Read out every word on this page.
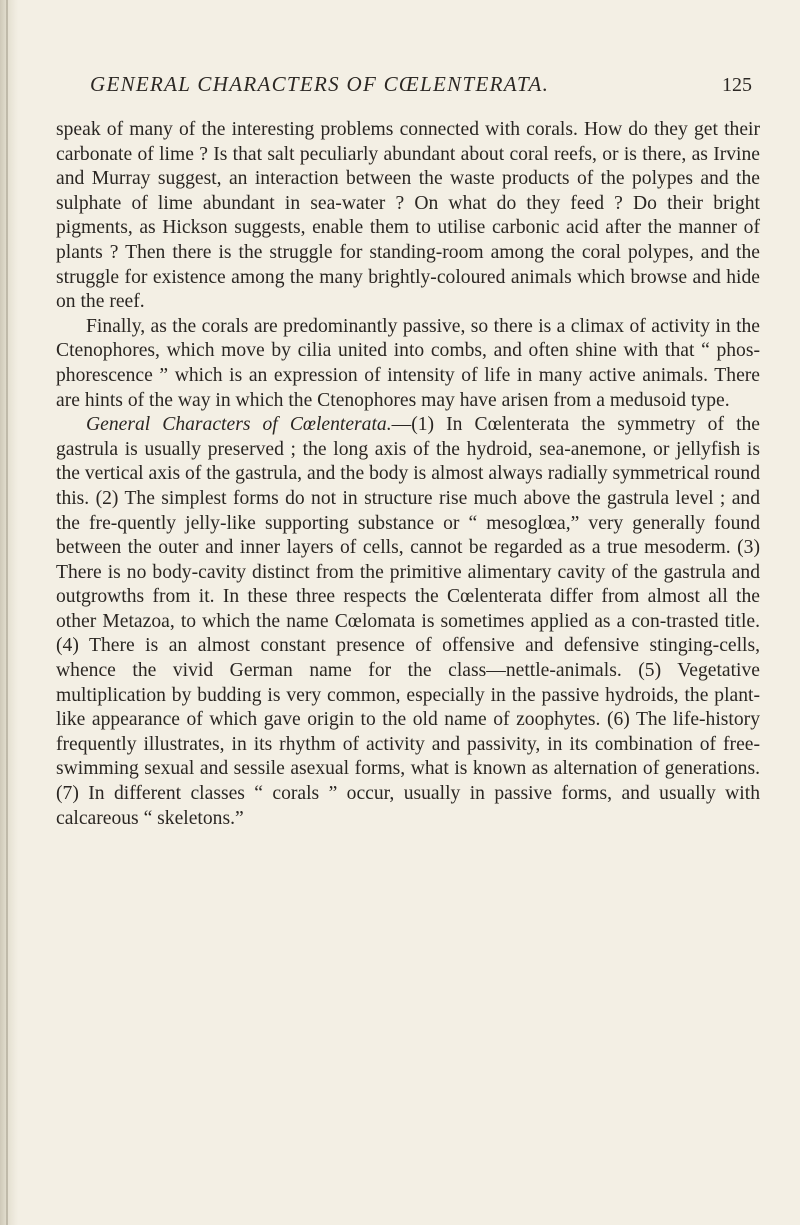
GENERAL CHARACTERS OF CŒLENTERATA.	125

speak of many of the interesting problems connected with corals. How do they get their carbonate of lime ? Is that salt peculiarly abundant about coral reefs, or is there, as Irvine and Murray suggest, an interaction between the waste products of the polypes and the sulphate of lime abundant in sea-water ? On what do they feed ? Do their bright pigments, as Hickson suggests, enable them to utilise carbonic acid after the manner of plants ? Then there is the struggle for standing-room among the coral polypes, and the struggle for existence among the many brightly-coloured animals which browse and hide on the reef.

Finally, as the corals are predominantly passive, so there is a climax of activity in the Ctenophores, which move by cilia united into combs, and often shine with that “ phos-phorescence ” which is an expression of intensity of life in many active animals. There are hints of the way in which the Ctenophores may have arisen from a medusoid type.

General Characters of Cœlenterata.—(1) In Cœlenterata the symmetry of the gastrula is usually preserved ; the long axis of the hydroid, sea-anemone, or jellyfish is the vertical axis of the gastrula, and the body is almost always radially symmetrical round this. (2) The simplest forms do not in structure rise much above the gastrula level ; and the fre-quently jelly-like supporting substance or “ mesoglœa,” very generally found between the outer and inner layers of cells, cannot be regarded as a true mesoderm. (3) There is no body-cavity distinct from the primitive alimentary cavity of the gastrula and outgrowths from it. In these three respects the Cœlenterata differ from almost all the other Metazoa, to which the name Cœlomata is sometimes applied as a con-trasted title. (4) There is an almost constant presence of offensive and defensive stinging-cells, whence the vivid German name for the class—nettle-animals. (5) Vegetative multiplication by budding is very common, especially in the passive hydroids, the plant-like appearance of which gave origin to the old name of zoophytes. (6) The life-history frequently illustrates, in its rhythm of activity and passivity, in its combination of free-swimming sexual and sessile asexual forms, what is known as alternation of generations. (7) In different classes “ corals ” occur, usually in passive forms, and usually with calcareous “ skeletons.”
